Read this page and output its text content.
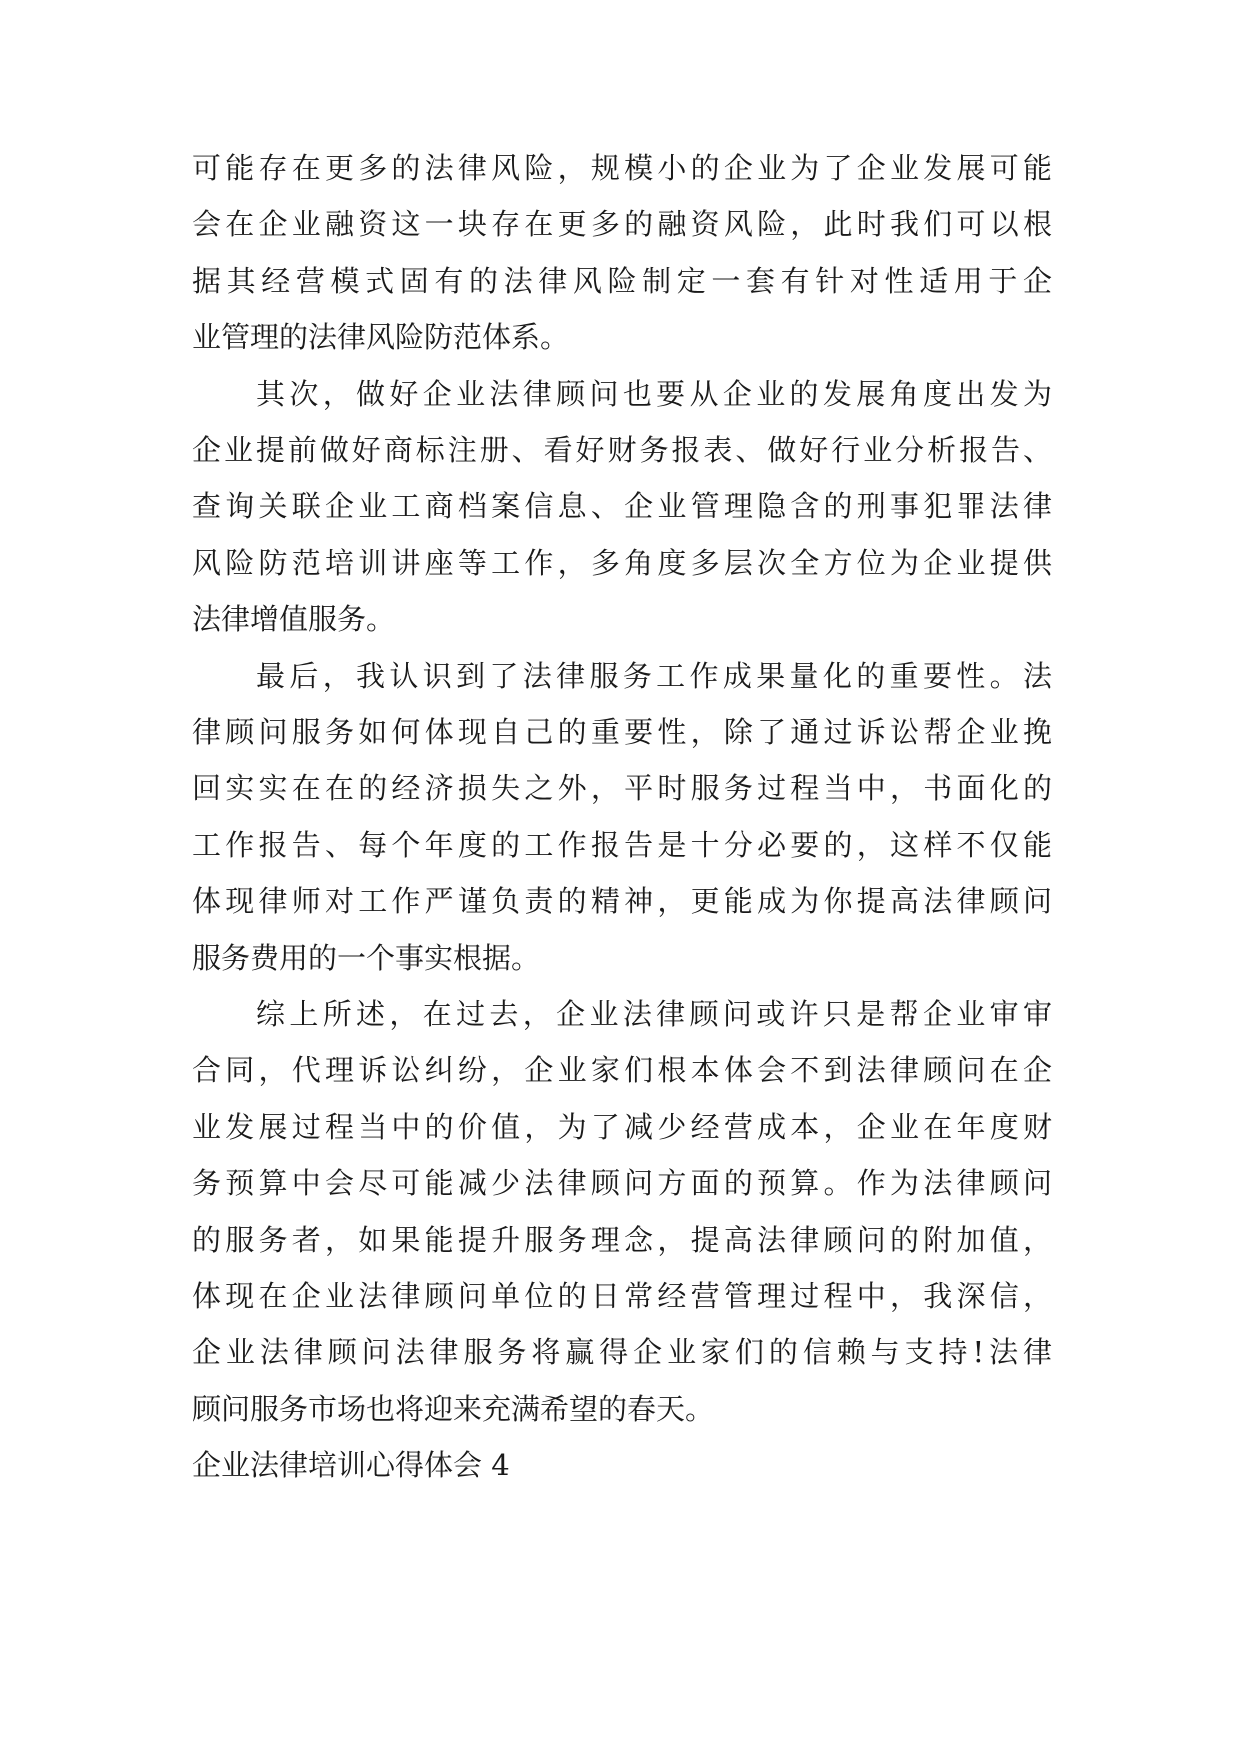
可能存在更多的法律风险，规模小的企业为了企业发展可能
会在企业融资这一块存在更多的融资风险，此时我们可以根
据其经营模式固有的法律风险制定一套有针对性适用于企
业管理的法律风险防范体系。
其次，做好企业法律顾问也要从企业的发展角度出发为
企业提前做好商标注册、看好财务报表、做好行业分析报告、
查询关联企业工商档案信息、企业管理隐含的刑事犯罪法律
风险防范培训讲座等工作，多角度多层次全方位为企业提供
法律增值服务。
最后，我认识到了法律服务工作成果量化的重要性。法
律顾问服务如何体现自己的重要性，除了通过诉讼帮企业挽
回实实在在的经济损失之外，平时服务过程当中，书面化的
工作报告、每个年度的工作报告是十分必要的，这样不仅能
体现律师对工作严谨负责的精神，更能成为你提高法律顾问
服务费用的一个事实根据。
综上所述，在过去，企业法律顾问或许只是帮企业审审
合同，代理诉讼纠纷，企业家们根本体会不到法律顾问在企
业发展过程当中的价值，为了减少经营成本，企业在年度财
务预算中会尽可能减少法律顾问方面的预算。作为法律顾问
的服务者，如果能提升服务理念，提高法律顾问的附加值，
体现在企业法律顾问单位的日常经营管理过程中，我深信，
企业法律顾问法律服务将赢得企业家们的信赖与支持!法律
顾问服务市场也将迎来充满希望的春天。
企业法律培训心得体会 4
